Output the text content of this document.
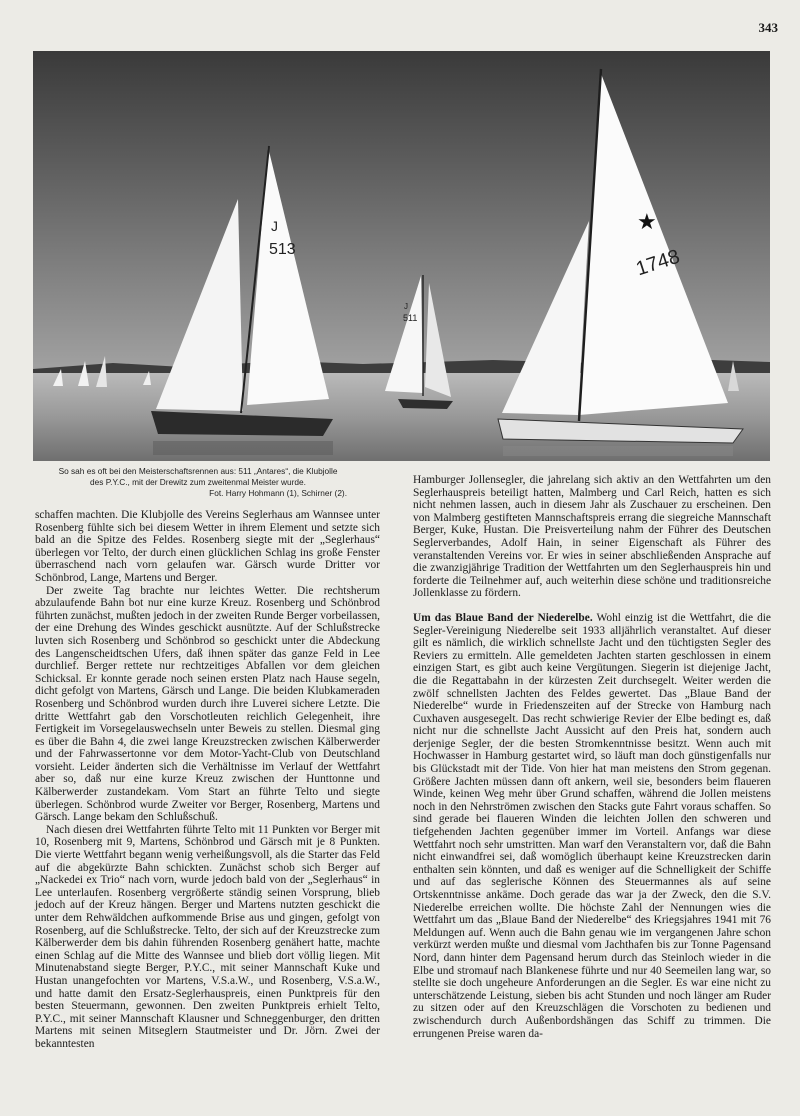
343
J
513
J
511
★
1748
So sah es oft bei den Meisterschaftsrennen aus: 511 „Antares“, die Klubjolle
des P.Y.C., mit der Drewitz zum zweitenmal Meister wurde.
Fot. Harry Hohmann (1), Schirner (2).

schaffen machten. Die Klubjolle des Vereins Seglerhaus am Wannsee unter Rosenberg fühlte sich bei diesem Wetter in ihrem Element und setzte sich bald an die Spitze des Feldes. Rosenberg siegte mit der „Seglerhaus“ überlegen vor Telto, der durch einen glücklichen Schlag ins große Fenster überraschend nach vorn gelaufen war. Gärsch wurde Dritter vor Schönbrod, Lange, Martens und Berger.

Der zweite Tag brachte nur leichtes Wetter. Die rechtsherum abzulaufende Bahn bot nur eine kurze Kreuz. Rosenberg und Schönbrod führten zunächst, mußten jedoch in der zweiten Runde Berger vorbeilassen, der eine Drehung des Windes geschickt ausnützte. Auf der Schlußstrecke luvten sich Rosenberg und Schönbrod so geschickt unter die Abdeckung des Langenscheidtschen Ufers, daß ihnen später das ganze Feld in Lee durchlief. Berger rettete nur rechtzeitiges Abfallen vor dem gleichen Schicksal. Er konnte gerade noch seinen ersten Platz nach Hause segeln, dicht gefolgt von Martens, Gärsch und Lange. Die beiden Klubkameraden Rosenberg und Schönbrod wurden durch ihre Luverei sichere Letzte. Die dritte Wettfahrt gab den Vorschotleuten reichlich Gelegenheit, ihre Fertigkeit im Vorsegelauswechseln unter Beweis zu stellen. Diesmal ging es über die Bahn 4, die zwei lange Kreuzstrecken zwischen Kälberwerder und der Fahrwassertonne vor dem Motor-Yacht-Club von Deutschland vorsieht. Leider änderten sich die Verhältnisse im Verlauf der Wettfahrt aber so, daß nur eine kurze Kreuz zwischen der Hunttonne und Kälberwerder zustandekam. Vom Start an führte Telto und siegte überlegen. Schönbrod wurde Zweiter vor Berger, Rosenberg, Martens und Gärsch. Lange bekam den Schlußschuß.

Nach diesen drei Wettfahrten führte Telto mit 11 Punkten vor Berger mit 10, Rosenberg mit 9, Martens, Schönbrod und Gärsch mit je 8 Punkten. Die vierte Wettfahrt begann wenig verheißungsvoll, als die Starter das Feld auf die abgekürzte Bahn schickten. Zunächst schob sich Berger auf „Nackedei ex Trio“ nach vorn, wurde jedoch bald von der „Seglerhaus“ in Lee unterlaufen. Rosenberg vergrößerte ständig seinen Vorsprung, blieb jedoch auf der Kreuz hängen. Berger und Martens nutzten geschickt die unter dem Rehwäldchen aufkommende Brise aus und gingen, gefolgt von Rosenberg, auf die Schlußstrecke. Telto, der sich auf der Kreuzstrecke zum Kälberwerder dem bis dahin führenden Rosenberg genähert hatte, machte einen Schlag auf die Mitte des Wannsee und blieb dort völlig liegen. Mit Minutenabstand siegte Berger, P.Y.C., mit seiner Mannschaft Kuke und Hustan unangefochten vor Martens, V.S.a.W., und Rosenberg, V.S.a.W., und hatte damit den Ersatz-Seglerhauspreis, einen Punktpreis für den besten Steuermann, gewonnen. Den zweiten Punktpreis erhielt Telto, P.Y.C., mit seiner Mannschaft Klausner und Schneggenburger, den dritten Martens mit seinen Mitseglern Stautmeister und Dr. Jörn. Zwei der bekanntesten

Hamburger Jollensegler, die jahrelang sich aktiv an den Wettfahrten um den Seglerhauspreis beteiligt hatten, Malmberg und Carl Reich, hatten es sich nicht nehmen lassen, auch in diesem Jahr als Zuschauer zu erscheinen. Den von Malmberg gestifteten Mannschaftspreis errang die siegreiche Mannschaft Berger, Kuke, Hustan. Die Preisverteilung nahm der Führer des Deutschen Seglerverbandes, Adolf Hain, in seiner Eigenschaft als Führer des veranstaltenden Vereins vor. Er wies in seiner abschließenden Ansprache auf die zwanzigjährige Tradition der Wettfahrten um den Seglerhauspreis hin und forderte die Teilnehmer auf, auch weiterhin diese schöne und traditionsreiche Jollenklasse zu fördern.

Um das Blaue Band der Niederelbe. Wohl einzig ist die Wettfahrt, die die Segler-Vereinigung Niederelbe seit 1933 alljährlich veranstaltet. Auf dieser gilt es nämlich, die wirklich schnellste Jacht und den tüchtigsten Segler des Reviers zu ermitteln. Alle gemeldeten Jachten starten geschlossen in einem einzigen Start, es gibt auch keine Vergütungen. Siegerin ist diejenige Jacht, die die Regattabahn in der kürzesten Zeit durchsegelt. Weiter werden die zwölf schnellsten Jachten des Feldes gewertet. Das „Blaue Band der Niederelbe“ wurde in Friedenszeiten auf der Strecke von Hamburg nach Cuxhaven ausgesegelt. Das recht schwierige Revier der Elbe bedingt es, daß nicht nur die schnellste Jacht Aussicht auf den Preis hat, sondern auch derjenige Segler, der die besten Stromkenntnisse besitzt. Wenn auch mit Hochwasser in Hamburg gestartet wird, so läuft man doch günstigenfalls nur bis Glückstadt mit der Tide. Von hier hat man meistens den Strom gegenan. Größere Jachten müssen dann oft ankern, weil sie, besonders beim flaueren Winde, keinen Weg mehr über Grund schaffen, während die Jollen meistens noch in den Nehrströmen zwischen den Stacks gute Fahrt voraus schaffen. So sind gerade bei flaueren Winden die leichten Jollen den schweren und tiefgehenden Jachten gegenüber immer im Vorteil. Anfangs war diese Wettfahrt noch sehr umstritten. Man warf den Veranstaltern vor, daß die Bahn nicht einwandfrei sei, daß womöglich überhaupt keine Kreuzstrecken darin enthalten sein könnten, und daß es weniger auf die Schnelligkeit der Schiffe und auf das seglerische Können des Steuermannes als auf seine Ortskenntnisse ankäme. Doch gerade das war ja der Zweck, den die S.V. Niederelbe erreichen wollte. Die höchste Zahl der Nennungen wies die Wettfahrt um das „Blaue Band der Niederelbe“ des Kriegsjahres 1941 mit 76 Meldungen auf. Wenn auch die Bahn genau wie im vergangenen Jahre schon verkürzt werden mußte und diesmal vom Jachthafen bis zur Tonne Pagensand Nord, dann hinter dem Pagensand herum durch das Steinloch wieder in die Elbe und stromauf nach Blankenese führte und nur 40 Seemeilen lang war, so stellte sie doch ungeheure Anforderungen an die Segler. Es war eine nicht zu unterschätzende Leistung, sieben bis acht Stunden und noch länger am Ruder zu sitzen oder auf den Kreuzschlägen die Vorschoten zu bedienen und zwischendurch durch Außenbordshängen das Schiff zu trimmen. Die errungenen Preise waren da-
